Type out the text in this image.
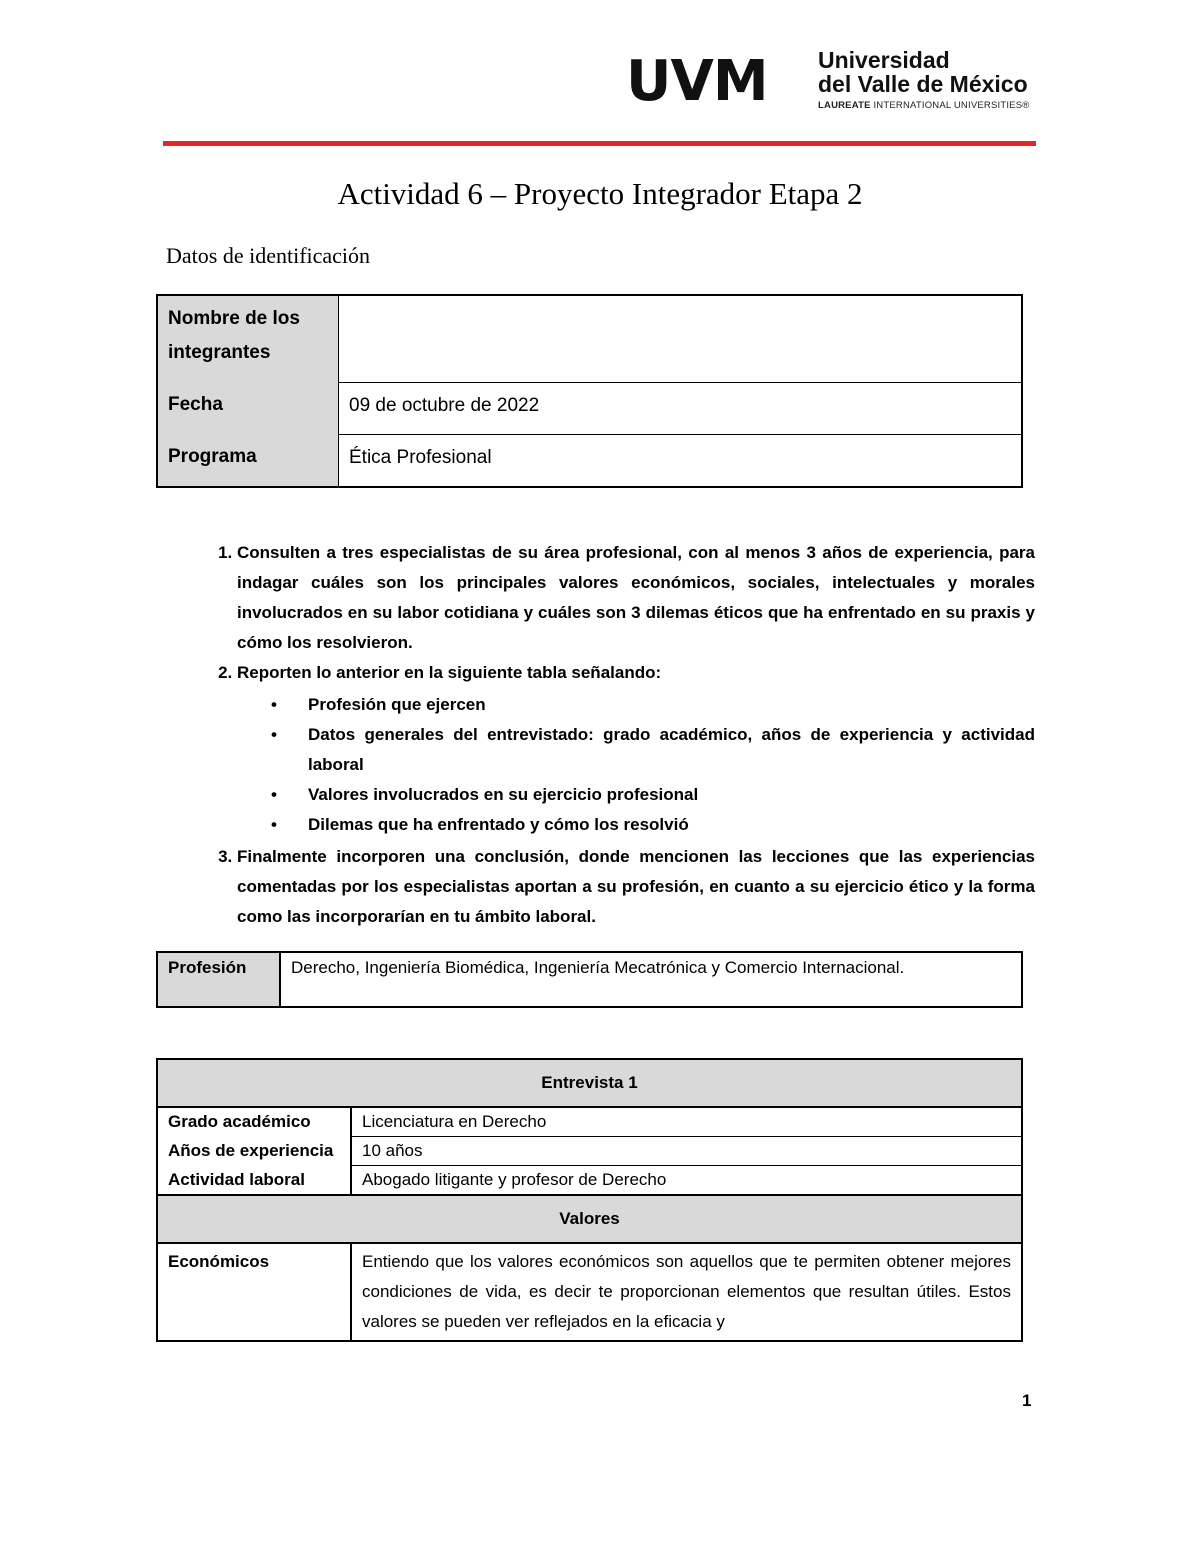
UVM Universidad
del Valle de México
LAUREATE INTERNATIONAL UNIVERSITIES®
Actividad 6 – Proyecto Integrador Etapa 2
Datos de identificación
Nombre de los integrantes	
Fecha	09 de octubre de 2022
Programa	Ética Profesional
1. Consulten a tres especialistas de su área profesional, con al menos 3 años de experiencia, para indagar cuáles son los principales valores económicos, sociales, intelectuales y morales involucrados en su labor cotidiana y cuáles son 3 dilemas éticos que ha enfrentado en su praxis y cómo los resolvieron.
2. Reporten lo anterior en la siguiente tabla señalando:
• Profesión que ejercen
• Datos generales del entrevistado: grado académico, años de experiencia y actividad laboral
• Valores involucrados en su ejercicio profesional
• Dilemas que ha enfrentado y cómo los resolvió
3. Finalmente incorporen una conclusión, donde mencionen las lecciones que las experiencias comentadas por los especialistas aportan a su profesión, en cuanto a su ejercicio ético y la forma como las incorporarían en tu ámbito laboral.
Profesión	Derecho, Ingeniería Biomédica, Ingeniería Mecatrónica y Comercio Internacional.
Entrevista 1	
Grado académico	Licenciatura en Derecho
Años de experiencia	10 años
Actividad laboral	Abogado litigante y profesor de Derecho
Valores	
Económicos	Entiendo que los valores económicos son aquellos que te permiten obtener mejores condiciones de vida, es decir te proporcionan elementos que resultan útiles. Estos valores se pueden ver reflejados en la eficacia y
1
